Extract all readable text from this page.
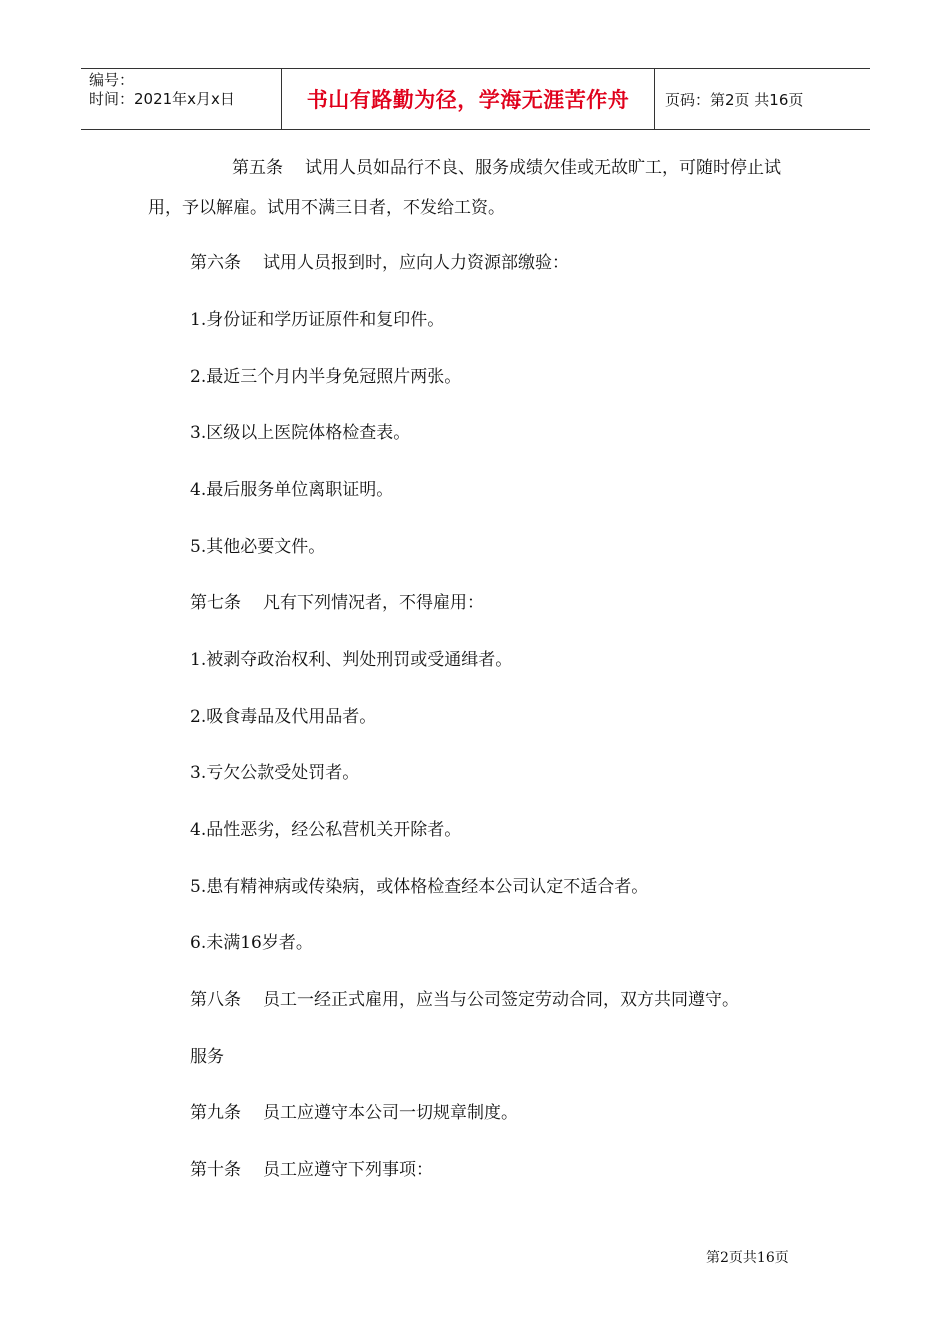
编号：
时间：2021年x月x日	书山有路勤为径，学海无涯苦作舟	页码：第2页 共16页
第五条 试用人员如品行不良、服务成绩欠佳或无故旷工，可随时停止试用，予以解雇。试用不满三日者，不发给工资。
第六条 试用人员报到时，应向人力资源部缴验：
1.身份证和学历证原件和复印件。
2.最近三个月内半身免冠照片两张。
3.区级以上医院体格检查表。
4.最后服务单位离职证明。
5.其他必要文件。
第七条 凡有下列情况者，不得雇用：
1.被剥夺政治权利、判处刑罚或受通缉者。
2.吸食毒品及代用品者。
3.亏欠公款受处罚者。
4.品性恶劣，经公私营机关开除者。
5.患有精神病或传染病，或体格检查经本公司认定不适合者。
6.未满16岁者。
第八条 员工一经正式雇用，应当与公司签定劳动合同，双方共同遵守。
服务
第九条 员工应遵守本公司一切规章制度。
第十条 员工应遵守下列事项：
第2页共16页
